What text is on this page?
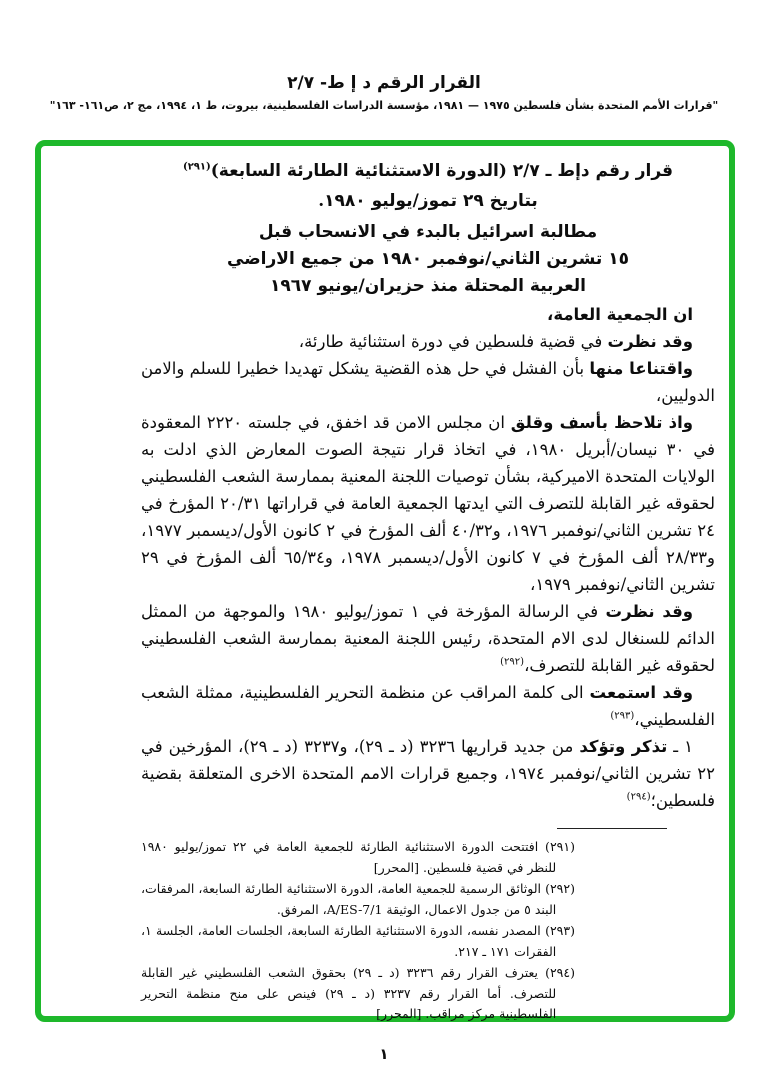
القرار الرقم د إ ط- ٢/٧
"قرارات الأمم المتحدة بشأن فلسطين ١٩٧٥ — ١٩٨١، مؤسسة الدراسات الفلسطينية، بيروت، ط ١، ١٩٩٤، مج ٢، ص١٦١- ١٦٣"
قرار رقم دإط ـ ٢/٧ (الدورة الاستثنائية الطارئة السابعة)$^{(٢٩١)}$
بتاريخ ٢٩ تموز/يوليو ١٩٨٠.
مطالبة اسرائيل بالبدء في الانسحاب قبل
١٥ تشرين الثاني/نوفمبر ١٩٨٠ من جميع الاراضي
العربية المحتلة منذ حزيران/يونيو ١٩٦٧

ان الجمعية العامة،

وقد نظرت في قضية فلسطين في دورة استثنائية طارئة،

واقتناعا منها بأن الفشل في حل هذه القضية يشكل تهديدا خطيرا للسلم والامن الدوليين،

واذ تلاحظ بأسف وقلق ان مجلس الامن قد اخفق، في جلسته ٢٢٢٠ المعقودة في ٣٠ نيسان/أبريل ١٩٨٠، في اتخاذ قرار نتيجة الصوت المعارض الذي ادلت به الولايات المتحدة الاميركية، بشأن توصيات اللجنة المعنية بممارسة الشعب الفلسطيني لحقوقه غير القابلة للتصرف التي ايدتها الجمعية العامة في قراراتها ٢٠/٣١ المؤرخ في ٢٤ تشرين الثاني/نوفمبر ١٩٧٦، و٤٠/٣٢ ألف المؤرخ في ٢ كانون الأول/ديسمبر ١٩٧٧، و٢٨/٣٣ ألف المؤرخ في ٧ كانون الأول/ديسمبر ١٩٧٨، و٦٥/٣٤ ألف المؤرخ في ٢٩ تشرين الثاني/نوفمبر ١٩٧٩،

وقد نظرت في الرسالة المؤرخة في ١ تموز/يوليو ١٩٨٠ والموجهة من الممثل الدائم للسنغال لدى الام المتحدة، رئيس اللجنة المعنية بممارسة الشعب الفلسطيني لحقوقه غير القابلة للتصرف،$^{(٢٩٢)}$

وقد استمعت الى كلمة المراقب عن منظمة التحرير الفلسطينية، ممثلة الشعب الفلسطيني،$^{(٢٩٣)}$

١ ـ تذكر وتؤكد من جديد قراريها ٣٢٣٦ (د ـ ٢٩)، و٣٢٣٧ (د ـ ٢٩)، المؤرخين في ٢٢ تشرين الثاني/نوفمبر ١٩٧٤، وجميع قرارات الامم المتحدة الاخرى المتعلقة بقضية فلسطين؛$^{(٢٩٤)}$

(٢٩١) افتتحت الدورة الاستثنائية الطارئة للجمعية العامة في ٢٢ تموز/يوليو ١٩٨٠ للنظر في قضية فلسطين. [المحرر]
(٢٩٢) الوثائق الرسمية للجمعية العامة، الدورة الاستثنائية الطارئة السابعة، المرفقات، البند ٥ من جدول الاعمال، الوثيقة A/ES-7/1، المرفق.
(٢٩٣) المصدر نفسه، الدورة الاستثنائية الطارئة السابعة، الجلسات العامة، الجلسة ١، الفقرات ١٧١ ـ ٢١٧.
(٢٩٤) يعترف القرار رقم ٣٢٣٦ (د ـ ٢٩) بحقوق الشعب الفلسطيني غير القابلة للتصرف. أما القرار رقم ٣٢٣٧ (د ـ ٢٩) فينص على منح منظمة التحرير الفلسطينية مركز مراقب. [المحرر]
١
